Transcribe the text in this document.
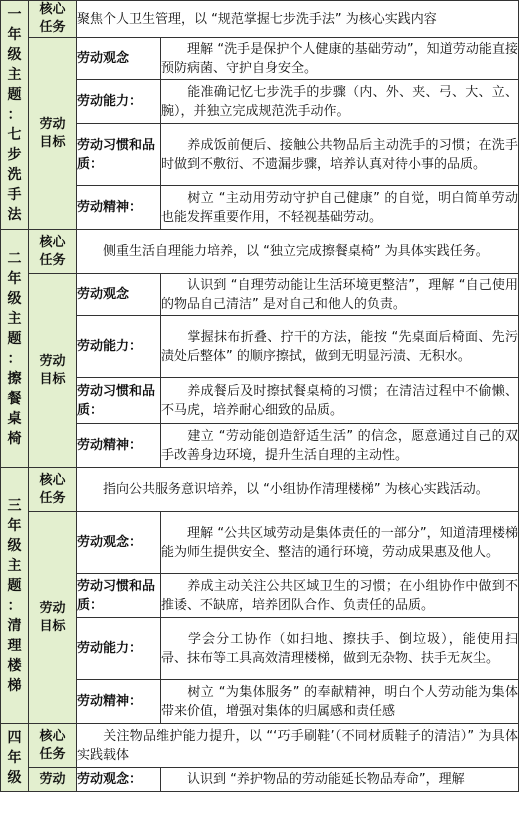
一年级主题：七步洗手法	核心任务	聚焦个人卫生管理，以 “规范掌握七步洗手法” 为核心实践内容	

	劳动目标	劳动观念	理解 “洗手是保护个人健康的基础劳动”，知道劳动能直接预防病菌、守护自身安全。
		劳动能力：	能准确记忆七步洗手的步骤（内、外、夹、弓、大、立、腕），并独立完成规范洗手动作。
		劳动习惯和品质：	养成饭前便后、接触公共物品后主动洗手的习惯；在洗手时做到不敷衍、不遗漏步骤，培养认真对待小事的品质。
		劳动精神：	树立 “主动用劳动守护自己健康” 的自觉，明白简单劳动也能发挥重要作用，不轻视基础劳动。

二年级主题：擦餐桌椅	核心任务	侧重生活自理能力培养，以 “独立完成擦餐桌椅” 为具体实践任务。	

	劳动目标	劳动观念	认识到 “自理劳动能让生活环境更整洁”，理解 “自己使用的物品自己清洁” 是对自己和他人的负责。
		劳动能力：	掌握抹布折叠、拧干的方法，能按 “先桌面后椅面、先污渍处后整体” 的顺序擦拭，做到无明显污渍、无积水。
		劳动习惯和品质：	养成餐后及时擦拭餐桌椅的习惯；在清洁过程中不偷懒、不马虎，培养耐心细致的品质。
		劳动精神：	建立 “劳动能创造舒适生活” 的信念，愿意通过自己的双手改善身边环境，提升生活自理的主动性。

三年级主题：清理楼梯	核心任务	指向公共服务意识培养，以 “小组协作清理楼梯” 为核心实践活动。	

	劳动目标	劳动观念：	理解 “公共区域劳动是集体责任的一部分”，知道清理楼梯能为师生提供安全、整洁的通行环境，劳动成果惠及他人。
		劳动习惯和品质：	养成主动关注公共区域卫生的习惯；在小组协作中做到不推诿、不缺席，培养团队合作、负责任的品质。
		劳动能力：	学会分工协作（如扫地、擦扶手、倒垃圾），能使用扫帚、抹布等工具高效清理楼梯，做到无杂物、扶手无灰尘。
		劳动精神：	树立 “为集体服务” 的奉献精神，明白个人劳动能为集体带来价值，增强对集体的归属感和责任感

四年级	核心任务	关注物品维护能力提升，以 “‘巧手刷鞋’（不同材质鞋子的清洁）” 为具体实践载体	

	劳动	劳动观念：	认识到 “养护物品的劳动能延长物品寿命”，理解
